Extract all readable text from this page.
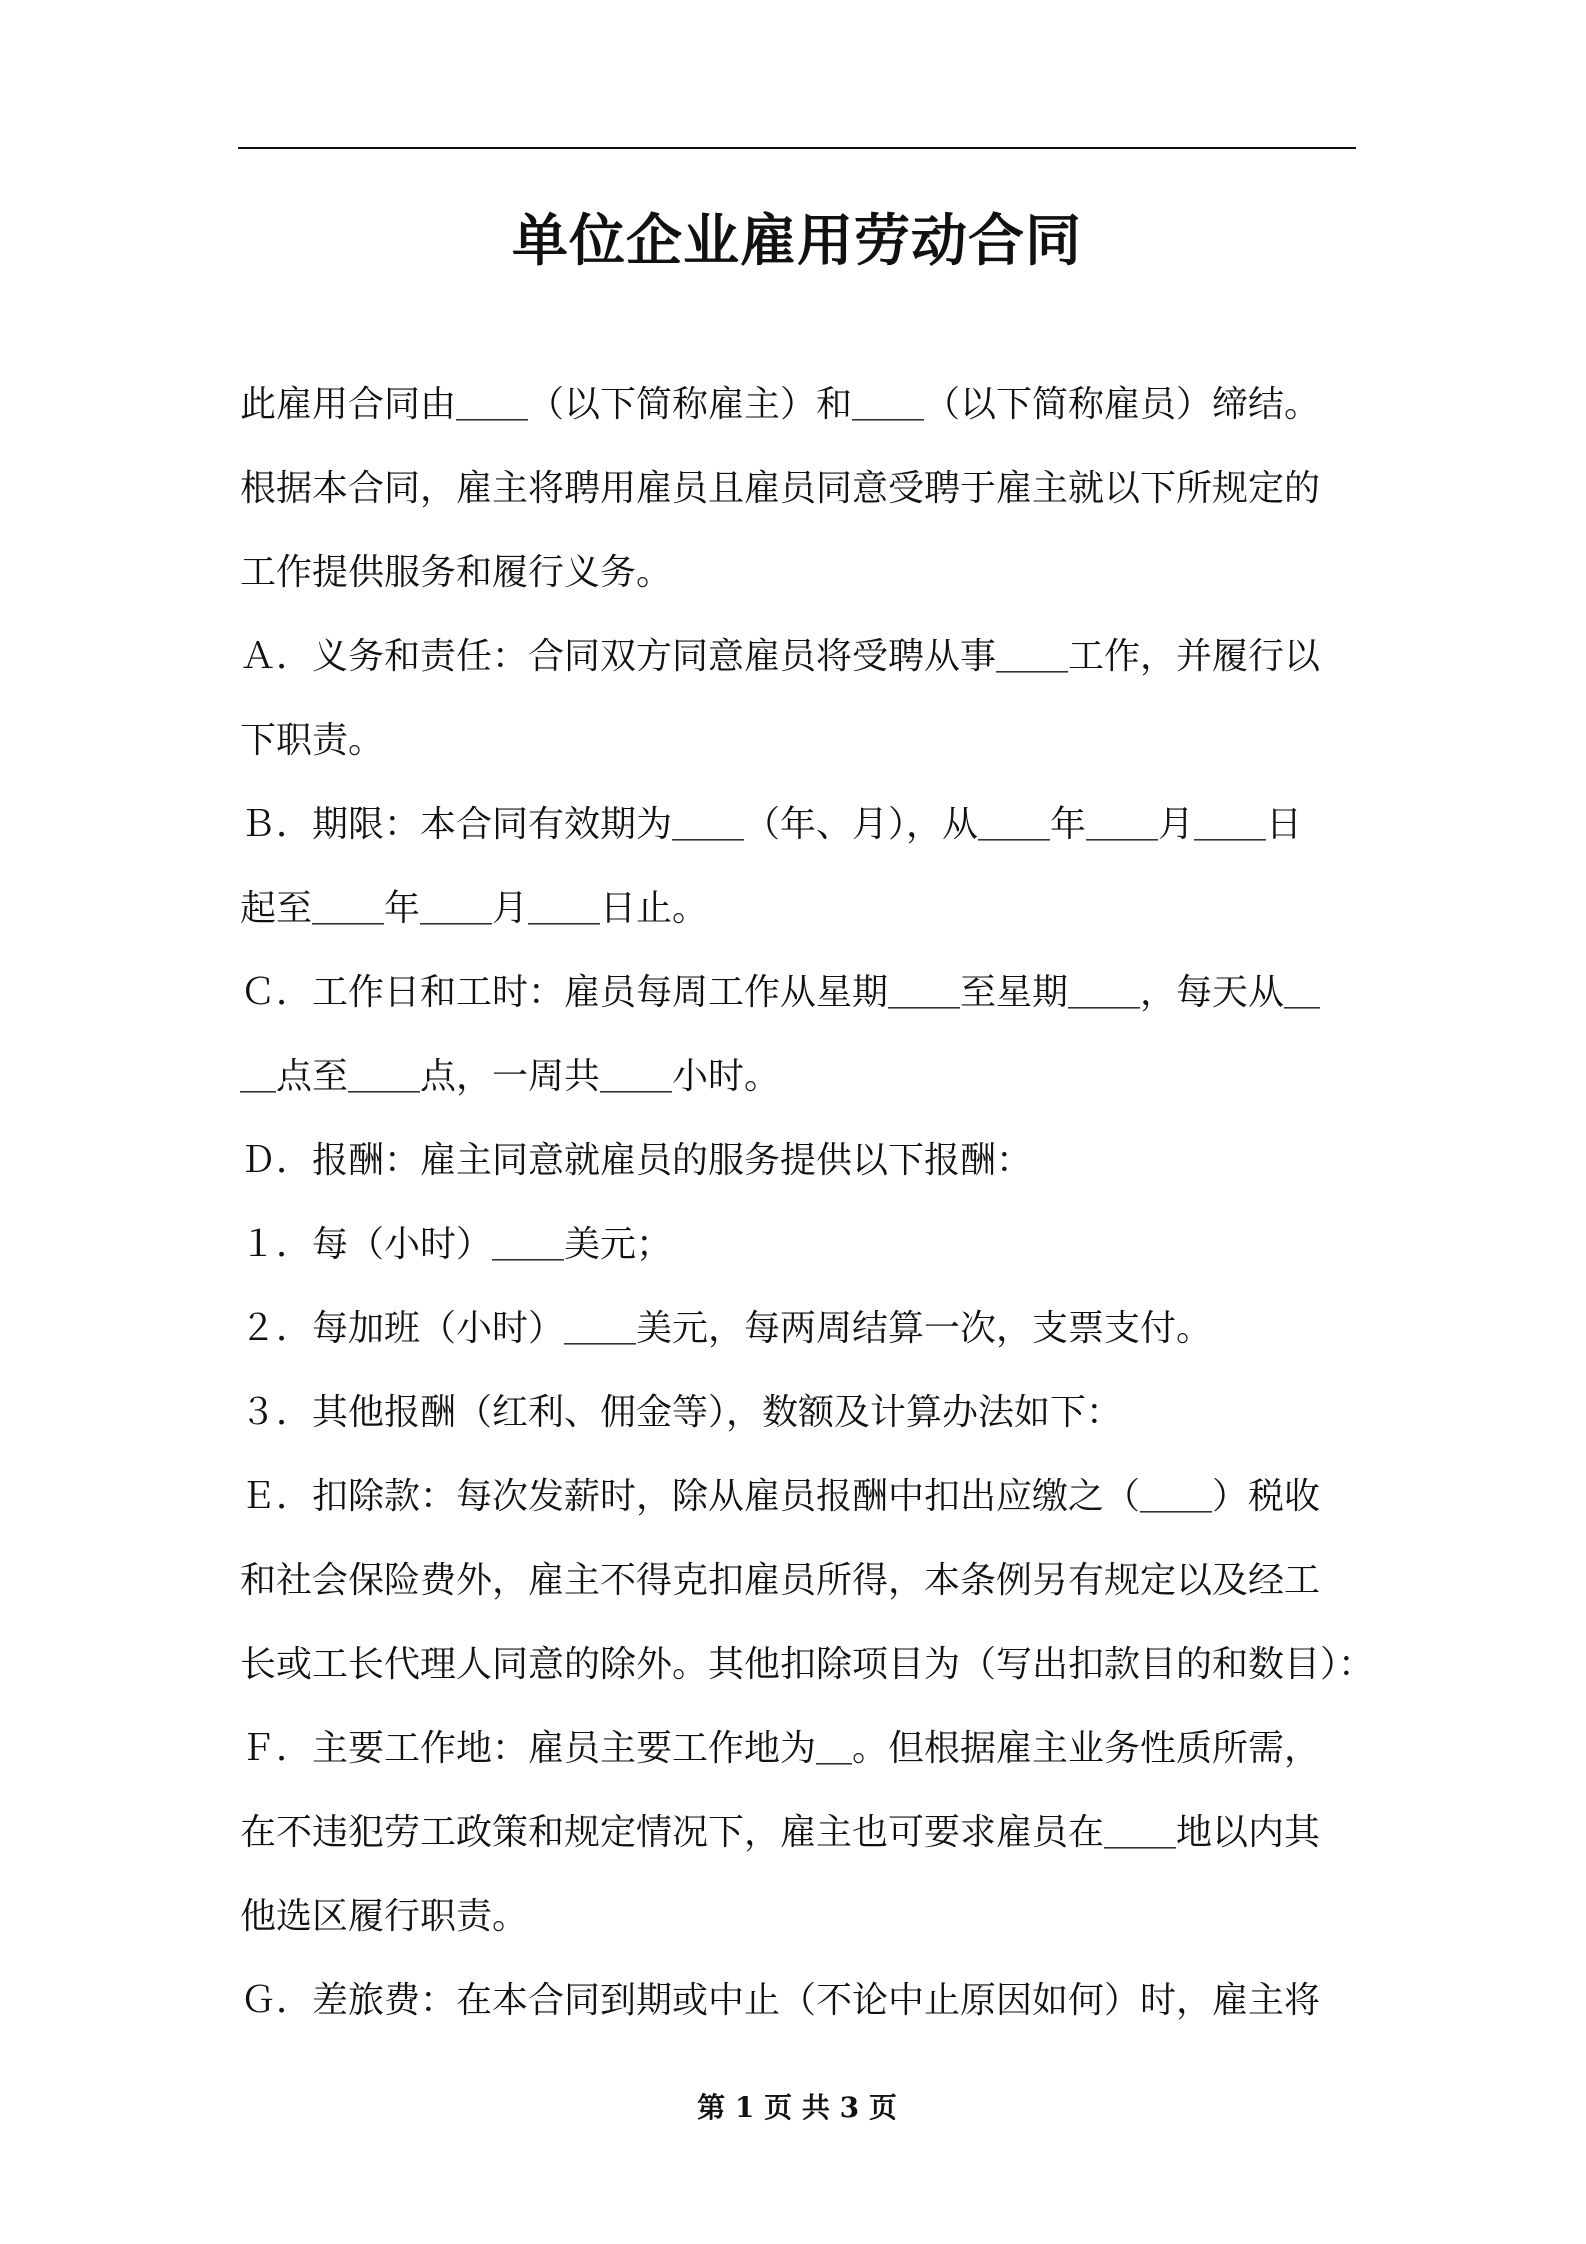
单位企业雇用劳动合同
此雇用合同由＿＿（以下简称雇主）和＿＿（以下简称雇员）缔结。
根据本合同，雇主将聘用雇员且雇员同意受聘于雇主就以下所规定的
工作提供服务和履行义务。
Ａ．义务和责任：合同双方同意雇员将受聘从事＿＿工作，并履行以
下职责。
Ｂ．期限：本合同有效期为＿＿（年、月），从＿＿年＿＿月＿＿日
起至＿＿年＿＿月＿＿日止。
Ｃ．工作日和工时：雇员每周工作从星期＿＿至星期＿＿，每天从＿
＿点至＿＿点，一周共＿＿小时。
Ｄ．报酬：雇主同意就雇员的服务提供以下报酬：
１．每（小时）＿＿美元；
２．每加班（小时）＿＿美元，每两周结算一次，支票支付。
３．其他报酬（红利、佣金等），数额及计算办法如下：
Ｅ．扣除款：每次发薪时，除从雇员报酬中扣出应缴之（＿＿）税收
和社会保险费外，雇主不得克扣雇员所得，本条例另有规定以及经工
长或工长代理人同意的除外。其他扣除项目为（写出扣款目的和数目）：
Ｆ．主要工作地：雇员主要工作地为＿。但根据雇主业务性质所需，
在不违犯劳工政策和规定情况下，雇主也可要求雇员在＿＿地以内其
他选区履行职责。
Ｇ．差旅费：在本合同到期或中止（不论中止原因如何）时，雇主将
第 1 页 共 3 页
